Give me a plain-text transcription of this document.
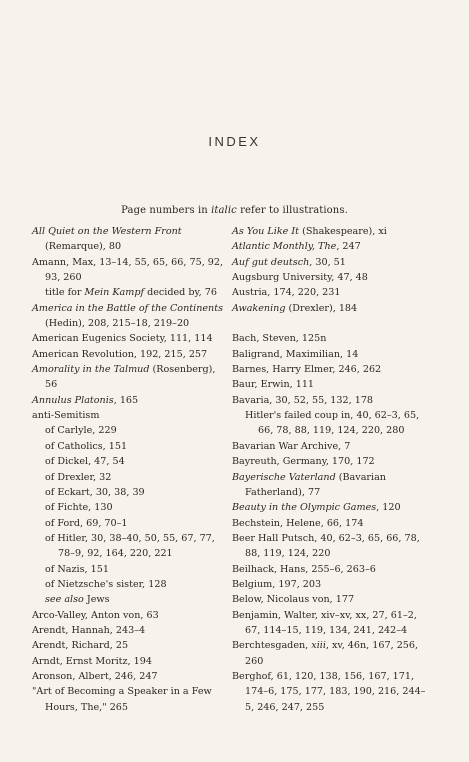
INDEX
Page numbers in italic refer to illustrations.

All Quiet on the Western Front (Remarque), 80

Amann, Max, 13–14, 55, 65, 66, 75, 92, 93, 260

title for Mein Kampf decided by, 76

America in the Battle of the Continents (Hedin), 208, 215–18, 219–20

American Eugenics Society, 111, 114

American Revolution, 192, 215, 257

Amorality in the Talmud (Rosenberg), 56

Annulus Platonis, 165

anti-Semitism

of Carlyle, 229

of Catholics, 151

of Dickel, 47, 54

of Drexler, 32

of Eckart, 30, 38, 39

of Fichte, 130

of Ford, 69, 70–1

of Hitler, 30, 38–40, 50, 55, 67, 77, 78–9, 92, 164, 220, 221

of Nazis, 151

of Nietzsche's sister, 128

see also Jews

Arco-Valley, Anton von, 63

Arendt, Hannah, 243–4

Arendt, Richard, 25

Arndt, Ernst Moritz, 194

Aronson, Albert, 246, 247

"Art of Becoming a Speaker in a Few Hours, The," 265

As You Like It (Shakespeare), xi

Atlantic Monthly, The, 247

Auf gut deutsch, 30, 51

Augsburg University, 47, 48

Austria, 174, 220, 231

Awakening (Drexler), 184

Bach, Steven, 125n

Baligrand, Maximilian, 14

Barnes, Harry Elmer, 246, 262

Baur, Erwin, 111

Bavaria, 30, 52, 55, 132, 178

Hitler's failed coup in, 40, 62–3, 65, 66, 78, 88, 119, 124, 220, 280

Bavarian War Archive, 7

Bayreuth, Germany, 170, 172

Bayerische Vaterland (Bavarian Fatherland), 77

Beauty in the Olympic Games, 120

Bechstein, Helene, 66, 174

Beer Hall Putsch, 40, 62–3, 65, 66, 78, 88, 119, 124, 220

Beilhack, Hans, 255–6, 263–6

Belgium, 197, 203

Below, Nicolaus von, 177

Benjamin, Walter, xiv–xv, xx, 27, 61–2, 67, 114–15, 119, 134, 241, 242–4

Berchtesgaden, xiii, xv, 46n, 167, 256, 260

Berghof, 61, 120, 138, 156, 167, 171, 174–6, 175, 177, 183, 190, 216, 244–5, 246, 247, 255
